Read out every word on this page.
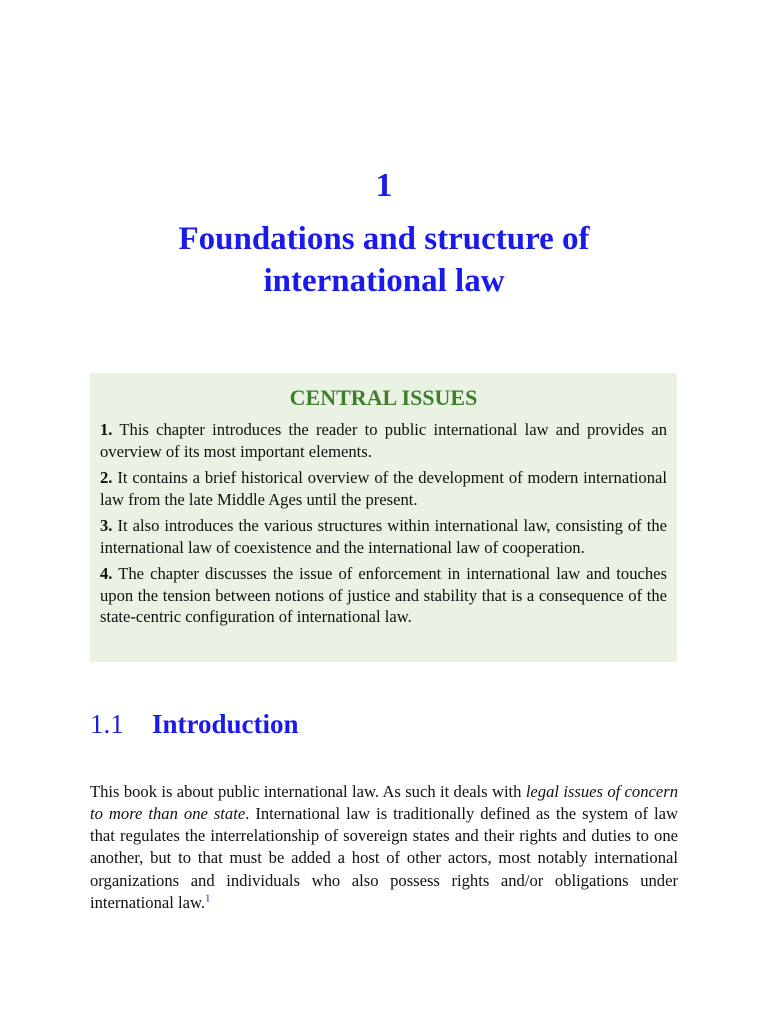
1
Foundations and structure of international law
CENTRAL ISSUES

1. This chapter introduces the reader to public international law and provides an overview of its most important elements.

2. It contains a brief historical overview of the development of modern international law from the late Middle Ages until the present.

3. It also introduces the various structures within international law, consisting of the international law of coexistence and the international law of cooperation.

4. The chapter discusses the issue of enforcement in international law and touches upon the tension between notions of justice and stability that is a consequence of the state-centric configuration of international law.

1.1 Introduction

This book is about public international law. As such it deals with legal issues of concern to more than one state. International law is traditionally defined as the system of law that regulates the interrelationship of sovereign states and their rights and duties to one another, but to that must be added a host of other actors, most notably international organizations and individuals who also possess rights and/or obligations under international law.$^1$
